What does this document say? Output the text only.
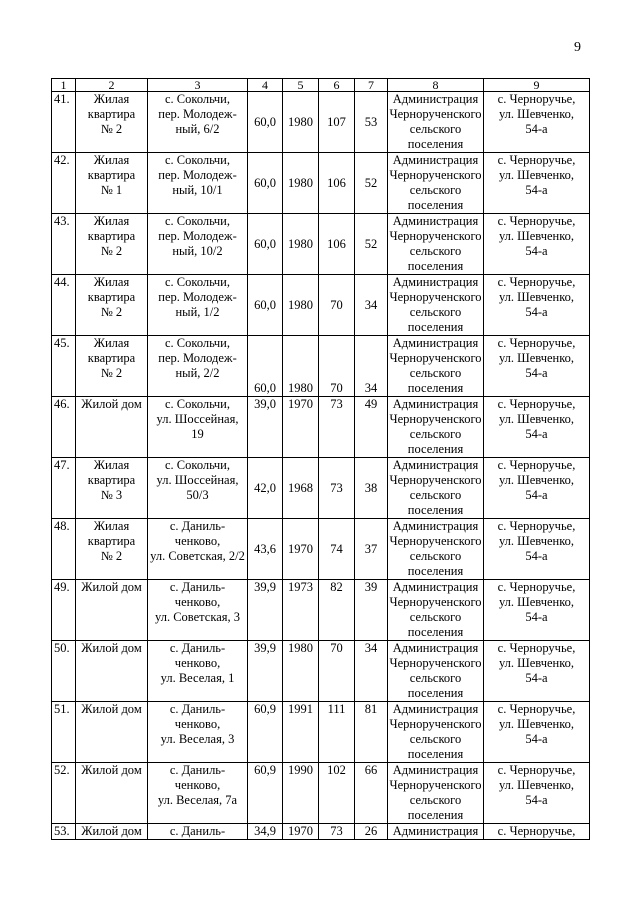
9
1	2	3	4	5	6	7	8	9
41.	Жилая
квартира
№ 2	с. Сокольчи,
пер. Молодеж-
ный, 6/2	60,0	1980	107	53	Администрация
Чернорученского
сельского
поселения	с. Черноручье,
ул. Шевченко,
54-а

42.	Жилая
квартира
№ 1	с. Сокольчи,
пер. Молодеж-
ный, 10/1	60,0	1980	106	52	Администрация
Чернорученского
сельского
поселения	с. Черноручье,
ул. Шевченко,
54-а

43.	Жилая
квартира
№ 2	с. Сокольчи,
пер. Молодеж-
ный, 10/2	60,0	1980	106	52	Администрация
Чернорученского
сельского
поселения	с. Черноручье,
ул. Шевченко,
54-а

44.	Жилая
квартира
№ 2	с. Сокольчи,
пер. Молодеж-
ный, 1/2	60,0	1980	70	34	Администрация
Чернорученского
сельского
поселения	с. Черноручье,
ул. Шевченко,
54-а

45.	Жилая
квартира
№ 2	с. Сокольчи,
пер. Молодеж-
ный, 2/2	60,0	1980	70	34	Администрация
Чернорученского
сельского
поселения	с. Черноручье,
ул. Шевченко,
54-а

46.	Жилой дом	с. Сокольчи,
ул. Шоссейная,
19	39,0	1970	73	49	Администрация
Чернорученского
сельского
поселения	с. Черноручье,
ул. Шевченко,
54-а

47.	Жилая
квартира
№ 3	с. Сокольчи,
ул. Шоссейная,
50/3	42,0	1968	73	38	Администрация
Чернорученского
сельского
поселения	с. Черноручье,
ул. Шевченко,
54-а

48.	Жилая
квартира
№ 2	с. Даниль-
ченково,
ул. Советская, 2/2	43,6	1970	74	37	Администрация
Чернорученского
сельского
поселения	с. Черноручье,
ул. Шевченко,
54-а

49.	Жилой дом	с. Даниль-
ченково,
ул. Советская, 3	39,9	1973	82	39	Администрация
Чернорученского
сельского
поселения	с. Черноручье,
ул. Шевченко,
54-а

50.	Жилой дом	с. Даниль-
ченково,
ул. Веселая, 1	39,9	1980	70	34	Администрация
Чернорученского
сельского
поселения	с. Черноручье,
ул. Шевченко,
54-а

51.	Жилой дом	с. Даниль-
ченково,
ул. Веселая, 3	60,9	1991	111	81	Администрация
Чернорученского
сельского
поселения	с. Черноручье,
ул. Шевченко,
54-а

52.	Жилой дом	с. Даниль-
ченково,
ул. Веселая, 7а	60,9	1990	102	66	Администрация
Чернорученского
сельского
поселения	с. Черноручье,
ул. Шевченко,
54-а

53.	Жилой дом	с. Даниль-	34,9	1970	73	26	Администрация	с. Черноручье,
